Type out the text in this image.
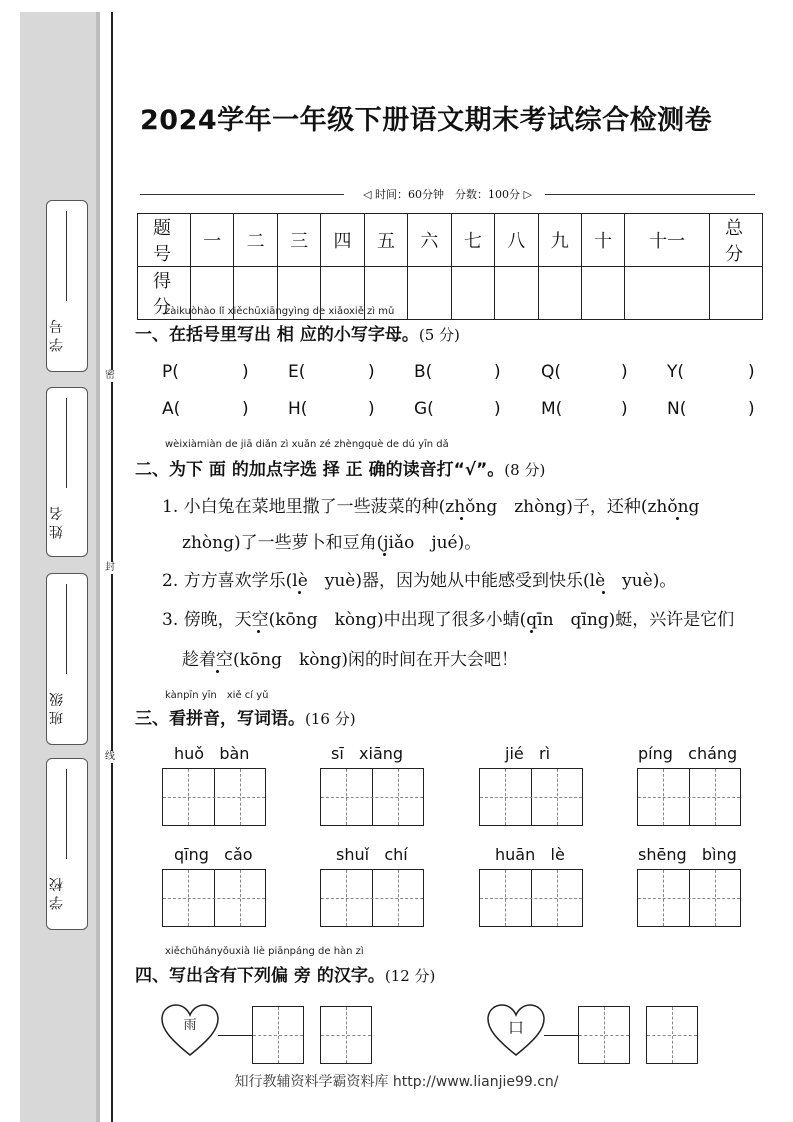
学 号
姓 名
班 级
学 校
密
封
线
2024学年一年级下册语文期末考试综合检测卷
◁ 时间：60分钟　分数：100分 ▷
题 号	一	二	三	四	五	六	七	八	九	十	十一	总 分
得 分												
zàikuòhào lǐ xiěchūxiāngyìng de xiǎoxiě zì mǔ
一、在括号里写出 相 应的小写字母。(5 分)
P(	) E(	) B(	) Q(	) Y(	)
A(	) H(	) G(	) M(	) N(	)
wèixiàmiàn de jiā diǎn zì xuǎn zé zhèngquè de dú yīn dǎ
二、为下 面 的加点字选 择 正 确的读音打“√”。(8 分)
1. 小白兔在菜地里撒了一些菠菜的种(zhǒng　zhòng)子，还种(zhǒng
zhòng)了一些萝卜和豆角(jiǎo　jué)。
2. 方方喜欢学乐(lè　yuè)器，因为她从中能感受到快乐(lè　yuè)。
3. 傍晚，天空(kōng　kòng)中出现了很多小蜻(qīn　qīng)蜓，兴许是它们
趁着空(kōng　kòng)闲的时间在开大会吧！
kànpīn yīn　xiě cí yǔ
三、看拼音，写词语。(16 分)
huǒ bàn	sī xiāng	jié rì	píng cháng
qīng cǎo	shuǐ chí	huān lè	shēng bìng
xiěchūhányǒuxià liè piānpáng de hàn zì
四、写出含有下列偏 旁 的汉字。(12 分)
雨	口
知行教辅资料学霸资料库 http://www.lianjie99.cn/
